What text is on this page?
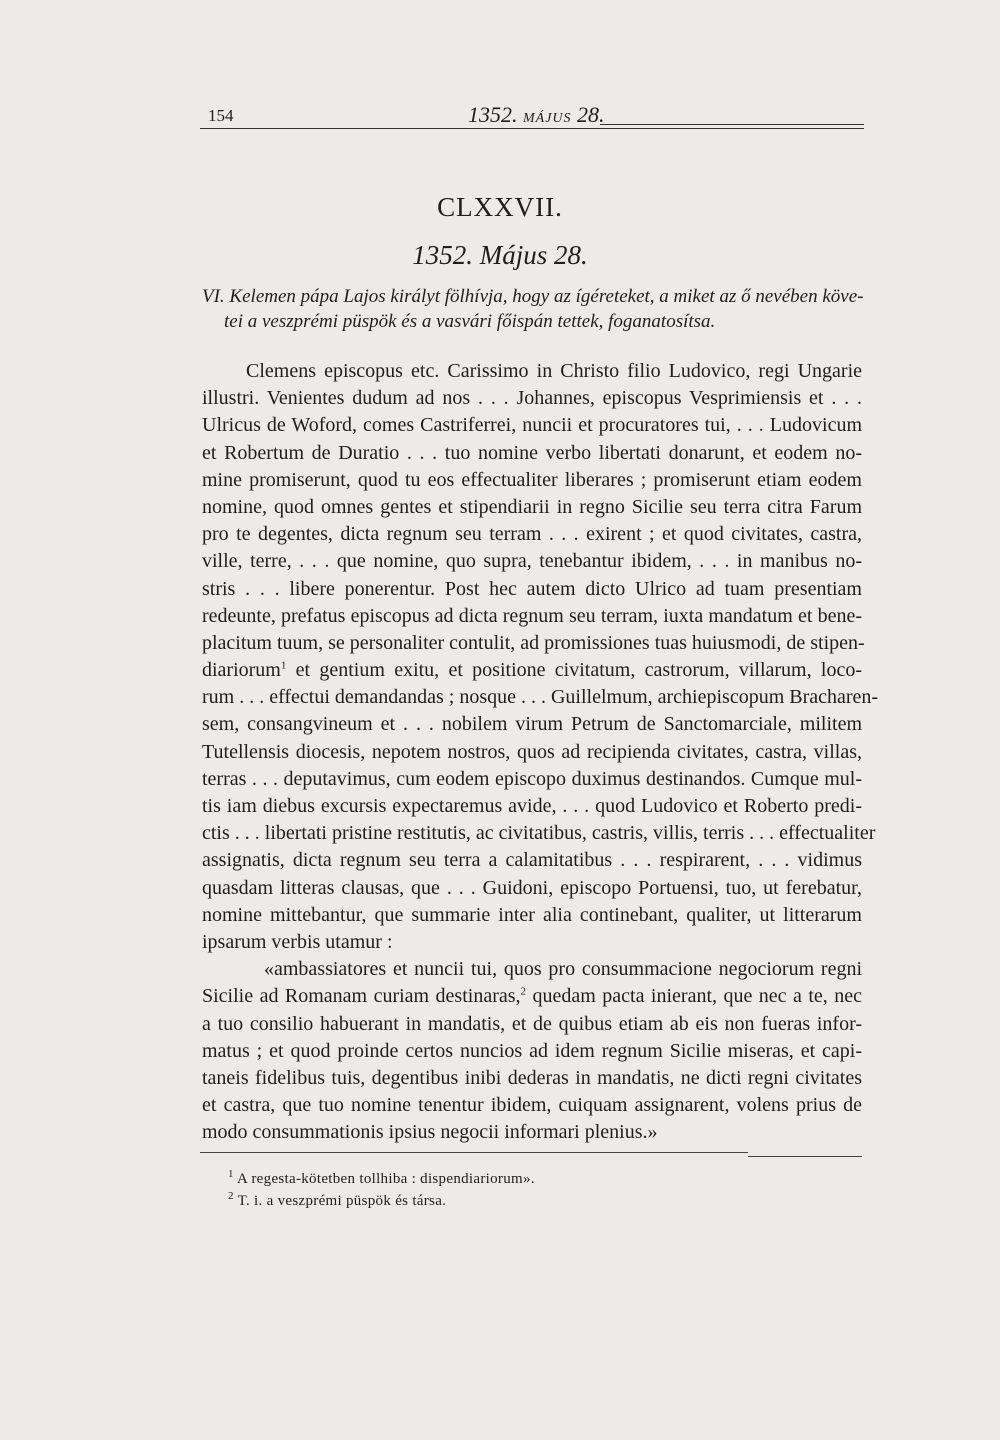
154	1352. MÁJUS 28.
CLXXVII.
1352. Május 28.
VI. Kelemen pápa Lajos királyt fölhívja, hogy az ígéreteket, a miket az ő nevében köve-
tei a veszprémi püspök és a vasvári főispán tettek, foganatosítsa.
Clemens episcopus etc. Carissimo in Christo filio Ludovico, regi Ungarie
illustri. Venientes dudum ad nos . . . Johannes, episcopus Vesprimiensis et . . .
Ulricus de Woford, comes Castriferrei, nuncii et procuratores tui, . . . Ludovicum
et Robertum de Duratio . . . tuo nomine verbo libertati donarunt, et eodem no-
mine promiserunt, quod tu eos effectualiter liberares ; promiserunt etiam eodem
nomine, quod omnes gentes et stipendiarii in regno Sicilie seu terra citra Farum
pro te degentes, dicta regnum seu terram . . . exirent ; et quod civitates, castra,
ville, terre, . . . que nomine, quo supra, tenebantur ibidem, . . . in manibus no-
stris . . . libere ponerentur. Post hec autem dicto Ulrico ad tuam presentiam
redeunte, prefatus episcopus ad dicta regnum seu terram, iuxta mandatum et bene-
placitum tuum, se personaliter contulit, ad promissiones tuas huiusmodi, de stipen-
diariorum$^1$ et gentium exitu, et positione civitatum, castrorum, villarum, loco-
rum . . . effectui demandandas ; nosque . . . Guillelmum, archiepiscopum Bracharen-
sem, consangvineum et . . . nobilem virum Petrum de Sanctomarciale, militem
Tutellensis diocesis, nepotem nostros, quos ad recipienda civitates, castra, villas,
terras . . . deputavimus, cum eodem episcopo duximus destinandos. Cumque mul-
tis iam diebus excursis expectaremus avide, . . . quod Ludovico et Roberto predi-
ctis . . . libertati pristine restitutis, ac civitatibus, castris, villis, terris . . . effectualiter
assignatis, dicta regnum seu terra a calamitatibus . . . respirarent, . . . vidimus
quasdam litteras clausas, que . . . Guidoni, episcopo Portuensi, tuo, ut ferebatur,
nomine mittebantur, que summarie inter alia continebant, qualiter, ut litterarum
ipsarum verbis utamur :
«ambassiatores et nuncii tui, quos pro consummacione negociorum regni
Sicilie ad Romanam curiam destinaras,$^2$ quedam pacta inierant, que nec a te, nec
a tuo consilio habuerant in mandatis, et de quibus etiam ab eis non fueras infor-
matus ; et quod proinde certos nuncios ad idem regnum Sicilie miseras, et capi-
taneis fidelibus tuis, degentibus inibi dederas in mandatis, ne dicti regni civitates
et castra, que tuo nomine tenentur ibidem, cuiquam assignarent, volens prius de
modo consummationis ipsius negocii informari plenius.»
$^1$ A regesta-kötetben tollhiba : dispendiariorum».
$^2$ T. i. a veszprémi püspök és társa.
